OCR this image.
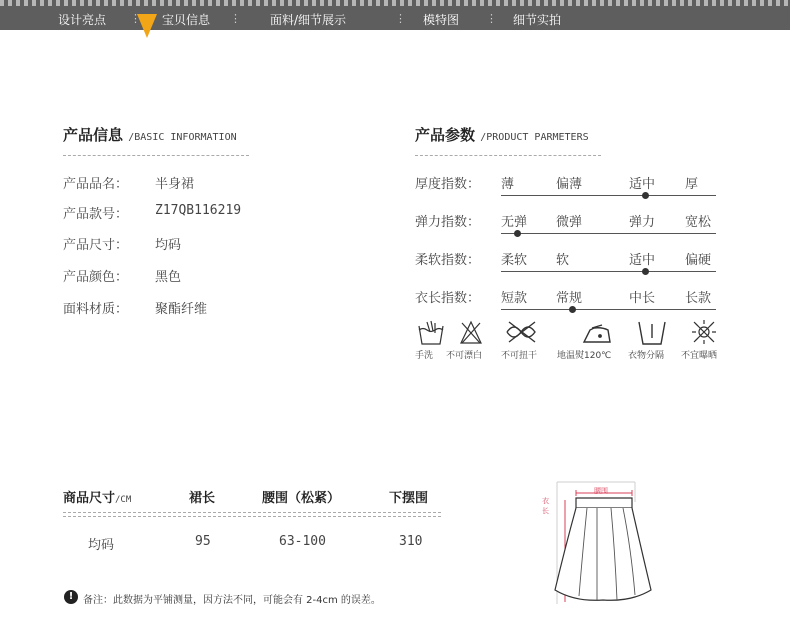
设计亮点 ⋮ 宝贝信息 ⋮ 面料/细节展示	⋮ 模特图 ⋮ 细节实拍
产品信息 /BASIC INFORMATION
产品品名： 半身裙
产品款号： Z17QB116219
产品尺寸： 均码
产品颜色： 黑色
面料材质： 聚酯纤维
产品参数 /PRODUCT PARMETERS
厚度指数： 薄	偏薄	适中 厚
弹力指数： 无弹 微弹	弹力 宽松
柔软指数： 柔软 软	适中 偏硬
衣长指数： 短款 常规	中长 长款
手洗 不可漂白 不可扭干 地温熨120℃ 衣物分隔 不宜曝晒
商品尺寸/CM	裙长	腰围（松紧）	下摆围
均码	95	63-100	310
! 备注：此数据为平铺测量，因方法不同，可能会有 2-4cm 的误差。
腰围
衣长
